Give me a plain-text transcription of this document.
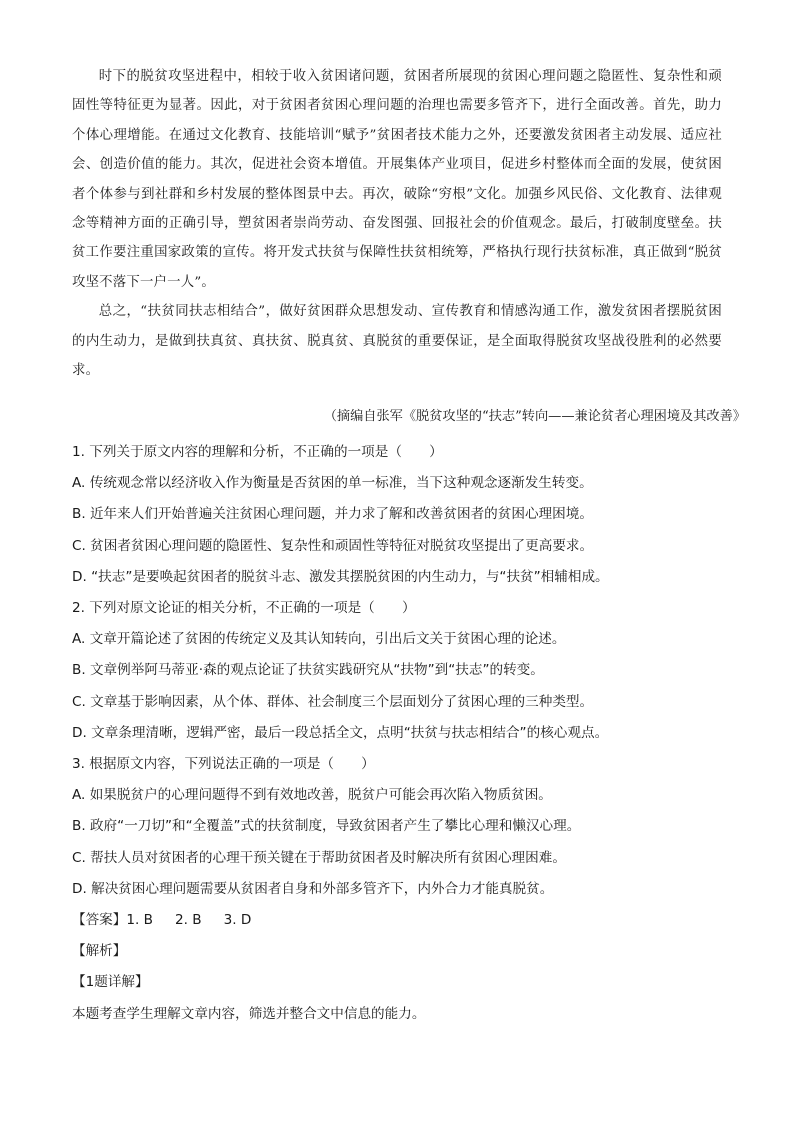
时下的脱贫攻坚进程中，相较于收入贫困诸问题，贫困者所展现的贫困心理问题之隐匿性、复杂性和顽固性等特征更为显著。因此，对于贫困者贫困心理问题的治理也需要多管齐下，进行全面改善。首先，助力个体心理增能。在通过文化教育、技能培训“赋予”贫困者技术能力之外，还要激发贫困者主动发展、适应社会、创造价值的能力。其次，促进社会资本增值。开展集体产业项目，促进乡村整体而全面的发展，使贫困者个体参与到社群和乡村发展的整体图景中去。再次，破除“穷根”文化。加强乡风民俗、文化教育、法律观念等精神方面的正确引导，塑贫困者崇尚劳动、奋发图强、回报社会的价值观念。最后，打破制度壁垒。扶贫工作要注重国家政策的宣传。将开发式扶贫与保障性扶贫相统筹，严格执行现行扶贫标准，真正做到“脱贫攻坚不落下一户一人”。

总之，“扶贫同扶志相结合”，做好贫困群众思想发动、宣传教育和情感沟通工作，激发贫困者摆脱贫困的内生动力，是做到扶真贫、真扶贫、脱真贫、真脱贫的重要保证，是全面取得脱贫攻坚战役胜利的必然要求。

（摘编自张军《脱贫攻坚的“扶志”转向——兼论贫者心理困境及其改善》
1. 下列关于原文内容的理解和分析，不正确的一项是（　　）
A. 传统观念常以经济收入作为衡量是否贫困的单一标准，当下这种观念逐渐发生转变。
B. 近年来人们开始普遍关注贫困心理问题，并力求了解和改善贫困者的贫困心理困境。
C. 贫困者贫困心理问题的隐匿性、复杂性和顽固性等特征对脱贫攻坚提出了更高要求。
D. “扶志”是要唤起贫困者的脱贫斗志、激发其摆脱贫困的内生动力，与“扶贫”相辅相成。
2. 下列对原文论证的相关分析，不正确的一项是（　　）
A. 文章开篇论述了贫困的传统定义及其认知转向，引出后文关于贫困心理的论述。
B. 文章例举阿马蒂亚·森的观点论证了扶贫实践研究从“扶物”到“扶志”的转变。
C. 文章基于影响因素，从个体、群体、社会制度三个层面划分了贫困心理的三种类型。
D. 文章条理清晰，逻辑严密，最后一段总括全文，点明“扶贫与扶志相结合”的核心观点。
3. 根据原文内容，下列说法正确的一项是（　　）
A. 如果脱贫户的心理问题得不到有效地改善，脱贫户可能会再次陷入物质贫困。
B. 政府“一刀切”和“全覆盖”式的扶贫制度，导致贫困者产生了攀比心理和懒汉心理。
C. 帮扶人员对贫困者的心理干预关键在于帮助贫困者及时解决所有贫困心理困难。
D. 解决贫困心理问题需要从贫困者自身和外部多管齐下，内外合力才能真脱贫。
【答案】1. B 2. B 3. D
【解析】
【1题详解】
本题考查学生理解文章内容，筛选并整合文中信息的能力。
